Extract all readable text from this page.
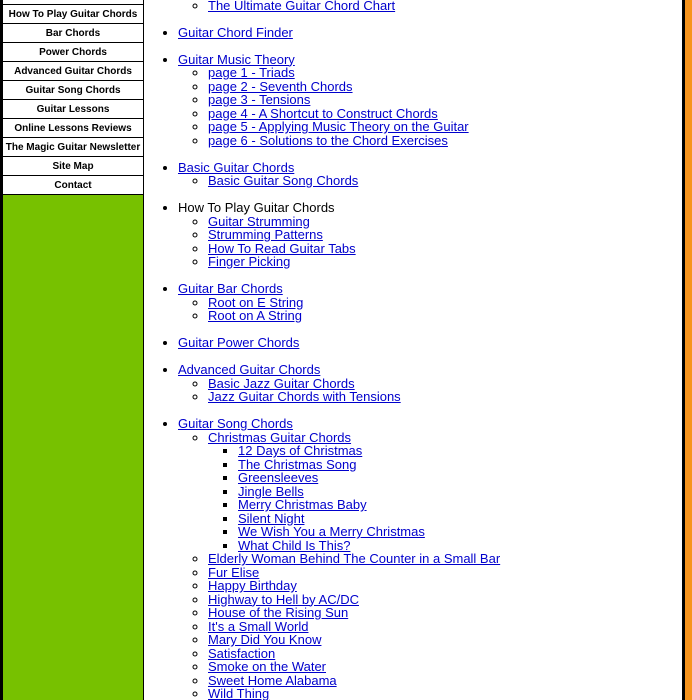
How To Play Guitar Chords
Bar Chords
Power Chords
Advanced Guitar Chords
Guitar Song Chords
Guitar Lessons
Online Lessons Reviews
The Magic Guitar Newsletter
Site Map
Contact
◦ • The Ultimate Guitar Chord Chart
• Guitar Chord Finder
• Guitar Music Theory
◦ page 1 - Triads
◦ page 2 - Seventh Chords
◦ page 3 - Tensions
◦ page 4 - A Shortcut to Construct Chords
◦ page 5 - Applying Music Theory on the Guitar
◦ page 6 - Solutions to the Chord Exercises
• Basic Guitar Chords
◦ Basic Guitar Song Chords
• How To Play Guitar Chords
◦ Guitar Strumming
◦ Strumming Patterns
◦ How To Read Guitar Tabs
◦ Finger Picking
• Guitar Bar Chords
◦ Root on E String
◦ Root on A String
• Guitar Power Chords
• Advanced Guitar Chords
◦ Basic Jazz Guitar Chords
◦ Jazz Guitar Chords with Tensions
• Guitar Song Chords
◦ Christmas Guitar Chords
▪ 12 Days of Christmas
▪ The Christmas Song
▪ Greensleeves
▪ Jingle Bells
▪ Merry Christmas Baby
▪ Silent Night
▪ We Wish You a Merry Christmas
▪ What Child Is This?
◦ Elderly Woman Behind The Counter in a Small Bar
◦ Fur Elise
◦ Happy Birthday
◦ Highway to Hell by AC/DC
◦ House of the Rising Sun
◦ It's a Small World
◦ Mary Did You Know
◦ Satisfaction
◦ Smoke on the Water
◦ Sweet Home Alabama
◦ Wild Thing
